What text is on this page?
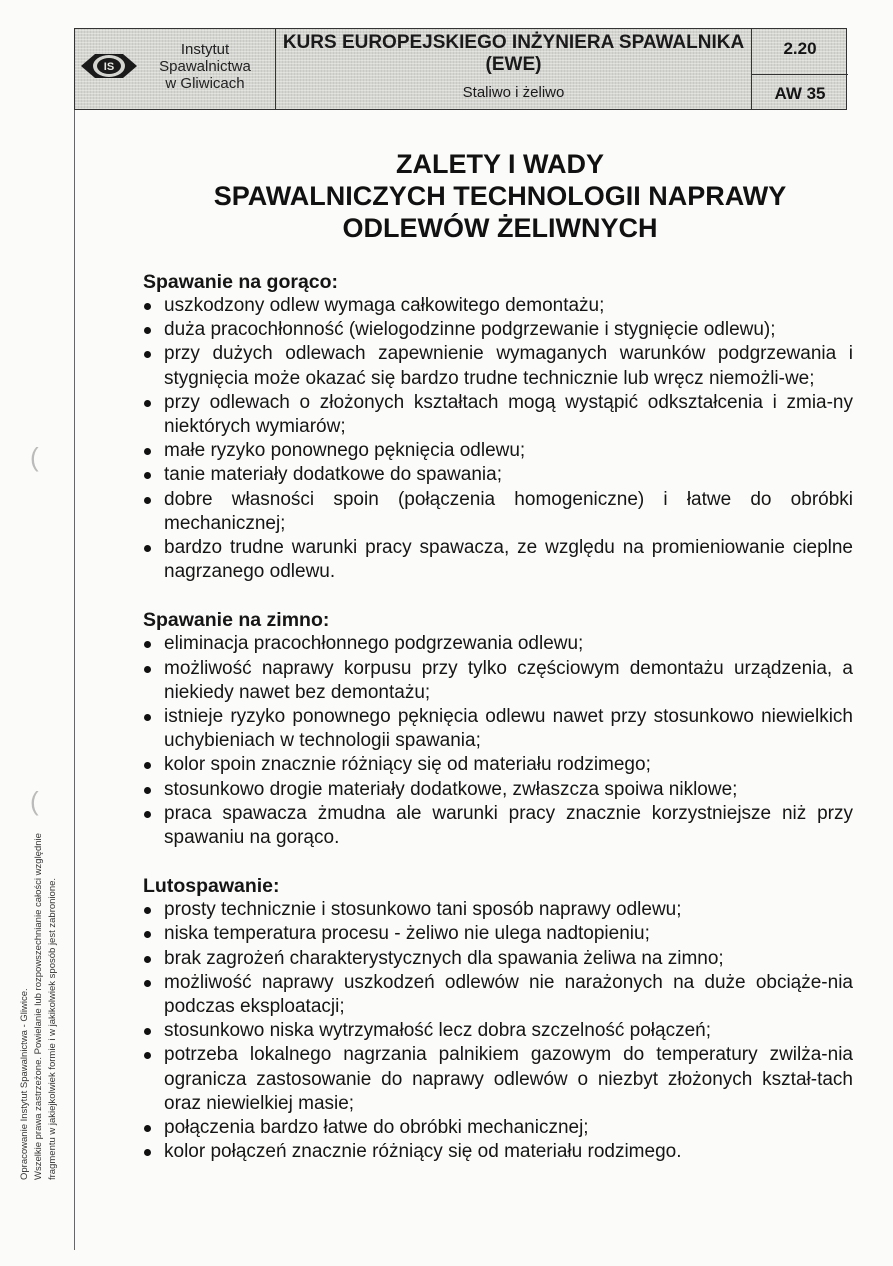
IS
Instytut
Spawalnictwa
w Gliwicach
KURS EUROPEJSKIEGO INŻYNIERA SPAWALNIKA
(EWE)
Staliwo i żeliwo
2.20
AW 35
(
(
Opracowanie Instytut Spawalnictwa - Gliwice. Wszelkie prawa zastrzeżone. Powielanie lub rozpowszechnianie całości względnie fragmentu w jakiejkolwiek formie i w jakikolwiek sposób jest zabronione.
ZALETY I WADY
SPAWALNICZYCH TECHNOLOGII NAPRAWY
ODLEWÓW ŻELIWNYCH
Spawanie na gorąco:
uszkodzony odlew wymaga całkowitego demontażu;
duża pracochłonność (wielogodzinne podgrzewanie i stygnięcie odlewu);
przy dużych odlewach zapewnienie wymaganych warunków podgrzewania i stygnięcia może okazać się bardzo trudne technicznie lub wręcz niemożli-we;
przy odlewach o złożonych kształtach mogą wystąpić odkształcenia i zmia-ny niektórych wymiarów;
małe ryzyko ponownego pęknięcia odlewu;
tanie materiały dodatkowe do spawania;
dobre własności spoin (połączenia homogeniczne) i łatwe do obróbki mechanicznej;
bardzo trudne warunki pracy spawacza, ze względu na promieniowanie cieplne nagrzanego odlewu.
Spawanie na zimno:
eliminacja pracochłonnego podgrzewania odlewu;
możliwość naprawy korpusu przy tylko częściowym demontażu urządzenia, a niekiedy nawet bez demontażu;
istnieje ryzyko ponownego pęknięcia odlewu nawet przy stosunkowo niewielkich uchybieniach w technologii spawania;
kolor spoin znacznie różniący się od materiału rodzimego;
stosunkowo drogie materiały dodatkowe, zwłaszcza spoiwa niklowe;
praca spawacza żmudna ale warunki pracy znacznie korzystniejsze niż przy spawaniu na gorąco.
Lutospawanie:
prosty technicznie i stosunkowo tani sposób naprawy odlewu;
niska temperatura procesu - żeliwo nie ulega nadtopieniu;
brak zagrożeń charakterystycznych dla spawania żeliwa na zimno;
możliwość naprawy uszkodzeń odlewów nie narażonych na duże obciąże-nia podczas eksploatacji;
stosunkowo niska wytrzymałość lecz dobra szczelność połączeń;
potrzeba lokalnego nagrzania palnikiem gazowym do temperatury zwilża-nia ogranicza zastosowanie do naprawy odlewów o niezbyt złożonych kształ-tach oraz niewielkiej masie;
połączenia bardzo łatwe do obróbki mechanicznej;
kolor połączeń znacznie różniący się od materiału rodzimego.
